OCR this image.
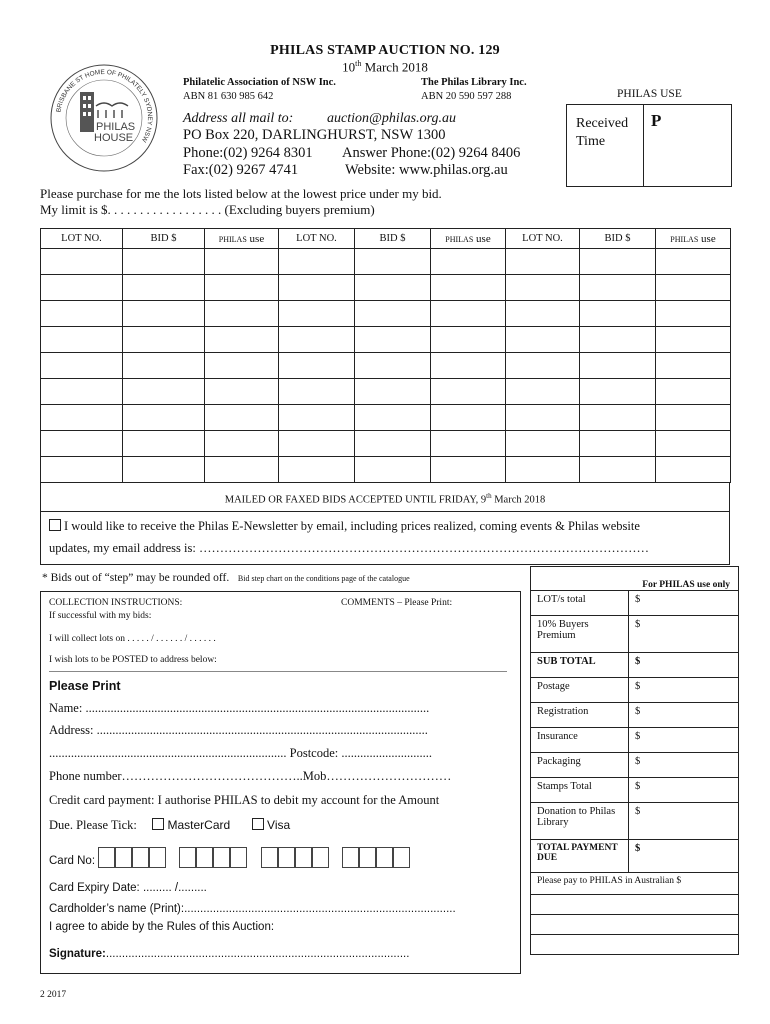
BRISBANE ST HOME OF PHILATELY SYDNEY NSW
PHILAS
HOUSE
PHILAS STAMP AUCTION NO. 129
10th March 2018
Philatelic Association of NSW Inc.
ABN 81 630 985 642
The Philas Library Inc.
ABN 20 590 597 288
Address all mail to: auction@philas.org.au
PO Box 220, DARLINGHURST, NSW 1300
Phone:(02) 9264 8301 Answer Phone:(02) 9264 8406
Fax:(02) 9267 4741	Website: www.philas.org.au
PHILAS USE
Received Time
P
Please purchase for me the lots listed below at the lowest price under my bid.
My limit is $. . . . . . . . . . . . . . . . . . (Excluding buyers premium)
LOT NO.	BID $	PHILAS use	LOT NO.	BID $	PHILAS use	LOT NO.	BID $	PHILAS use

MAILED OR FAXED BIDS ACCEPTED UNTIL FRIDAY, 9th March 2018
I would like to receive the Philas E-Newsletter by email, including prices realized, coming events & Philas website
updates, my email address is: ………………………………………………………………………………………………
* Bids out of “step” may be rounded off. Bid step chart on the conditions page of the catalogue
COLLECTION INSTRUCTIONS:	COMMENTS – Please Print:
If successful with my bids:
I will collect lots on . . . . . / . . . . . . / . . . . . .
I wish lots to be POSTED to address below:
Please Print
Name: ..............................................................................................................
Address: ..........................................................................................................
............................................................................ Postcode: .............................
Phone number……………………………………..Mob…………………………
Credit card payment: I authorise PHILAS to debit my account for the Amount
Due. Please Tick:	MasterCard	Visa
Card No:
Card Expiry Date: ......... /.........
Cardholder’s name (Print):.....................................................................................
I agree to abide by the Rules of this Auction:
Signature:...............................................................................................
For PHILAS use only	
LOT/s total	$
10% Buyers Premium	$
SUB TOTAL	$
Postage	$
Registration	$
Insurance	$
Packaging	$
Stamps Total	$
Donation to Philas Library	$
TOTAL PAYMENT DUE	$
Please pay to PHILAS in Australian $	

2 2017
